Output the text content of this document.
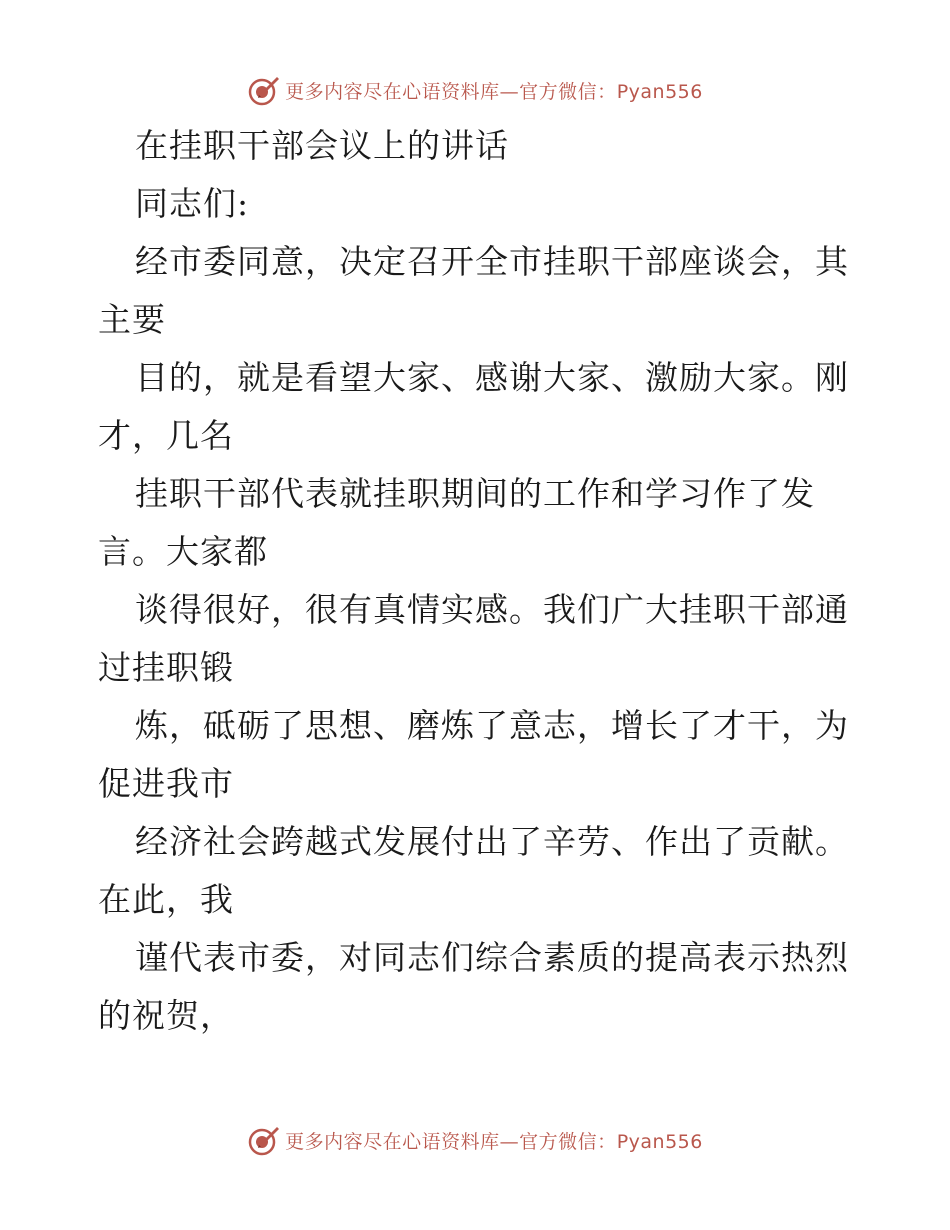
更多内容尽在心语资料库—官方微信：Pyan556
在挂职干部会议上的讲话
同志们:
经市委同意，决定召开全市挂职干部座谈会，其
主要
目的，就是看望大家、感谢大家、激励大家。刚
才，几名
挂职干部代表就挂职期间的工作和学习作了发
言。大家都
谈得很好，很有真情实感。我们广大挂职干部通
过挂职锻
炼，砥砺了思想、磨炼了意志，增长了才干，为
促进我市
经济社会跨越式发展付出了辛劳、作出了贡献。
在此，我
谨代表市委，对同志们综合素质的提高表示热烈
的祝贺，
更多内容尽在心语资料库—官方微信：Pyan556
